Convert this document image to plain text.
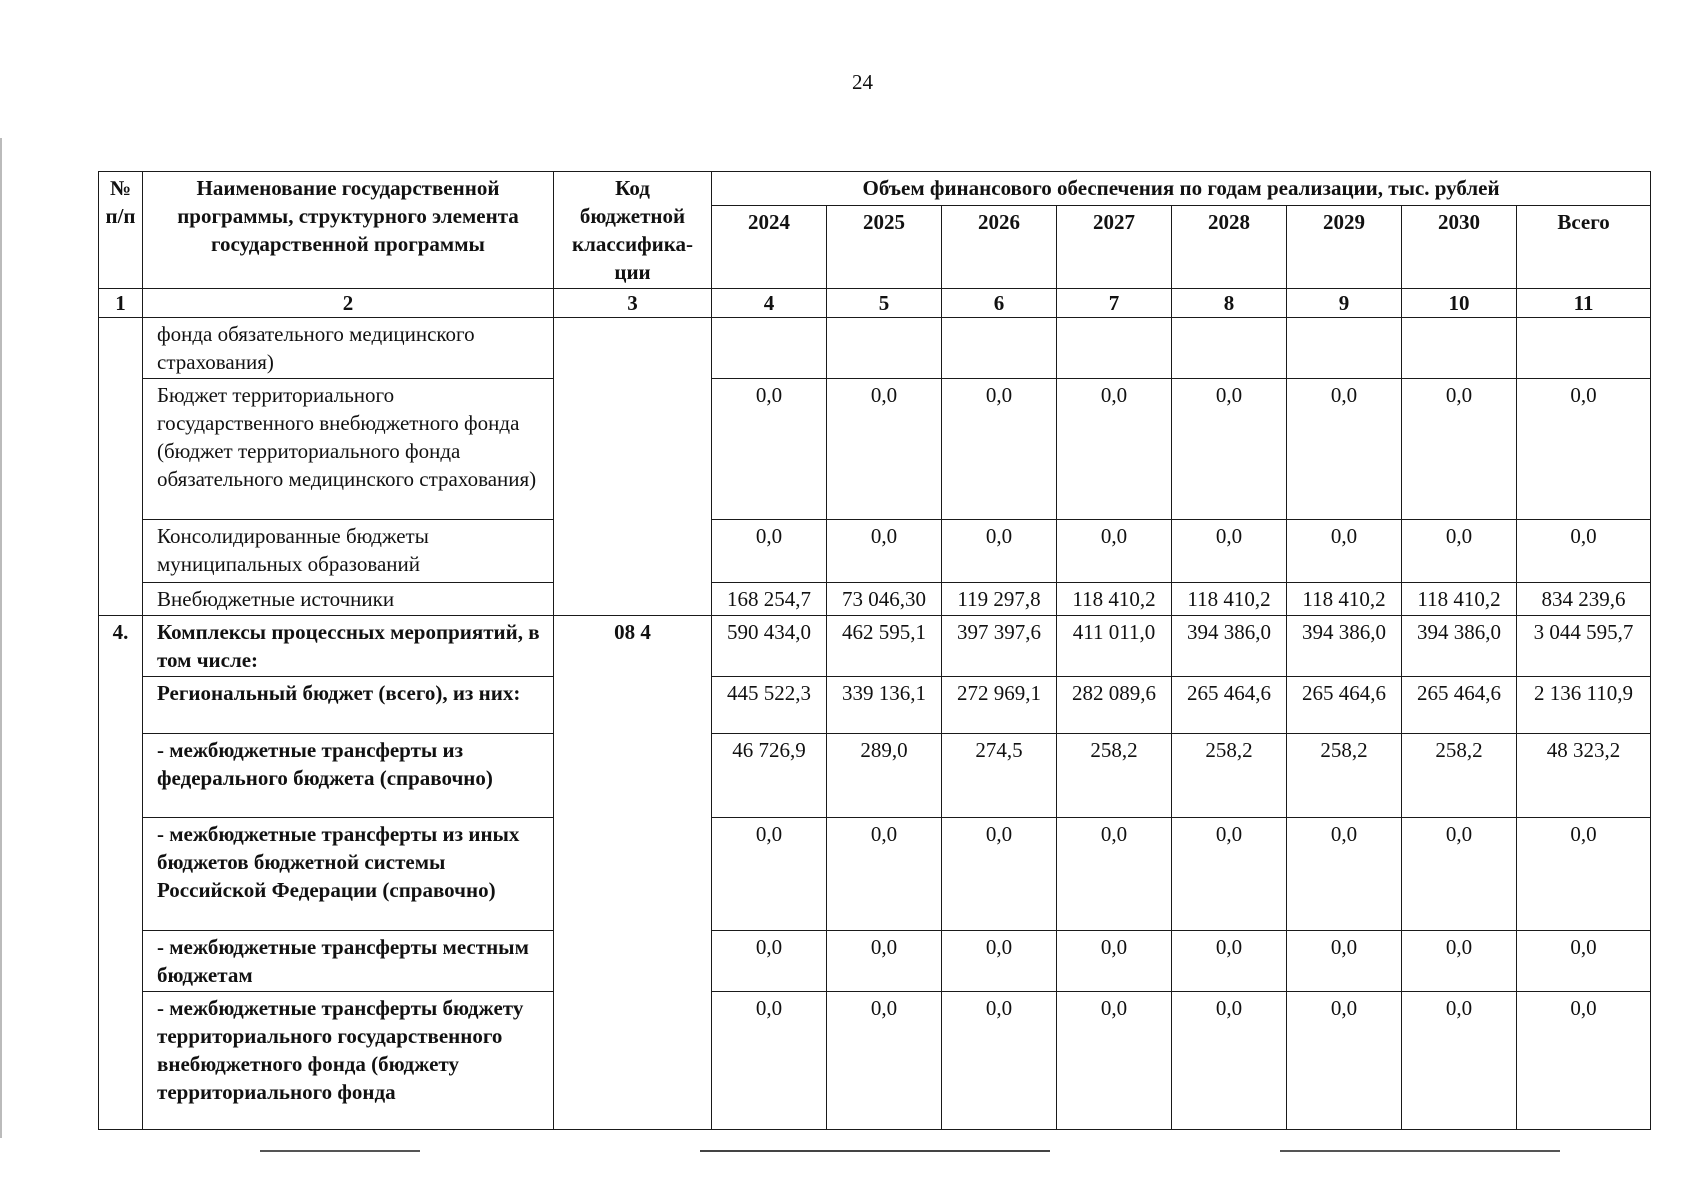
24
№ п/п	Наименование государственной программы, структурного элемента государственной программы	Код бюджетной классифика-ции	Объем финансового обеспечения по годам реализации, тыс. рублей							
			2024	2025	2026	2027	2028	2029	2030	Всего
1	2	3	4	5	6	7	8	9	10	11
	фонда обязательного медицинского страхования)									
	Бюджет территориального государственного внебюджетного фонда (бюджет территориального фонда обязательного медицинского страхования)		0,0	0,0	0,0	0,0	0,0	0,0	0,0	0,0
	Консолидированные бюджеты муниципальных образований		0,0	0,0	0,0	0,0	0,0	0,0	0,0	0,0
	Внебюджетные источники		168 254,7	73 046,30	119 297,8	118 410,2	118 410,2	118 410,2	118 410,2	834 239,6
4.	Комплексы процессных мероприятий, в том числе:	08 4	590 434,0	462 595,1	397 397,6	411 011,0	394 386,0	394 386,0	394 386,0	3 044 595,7
	Региональный бюджет (всего), из них:		445 522,3	339 136,1	272 969,1	282 089,6	265 464,6	265 464,6	265 464,6	2 136 110,9
	- межбюджетные трансферты из федерального бюджета (справочно)		46 726,9	289,0	274,5	258,2	258,2	258,2	258,2	48 323,2
	- межбюджетные трансферты из иных бюджетов бюджетной системы Российской Федерации (справочно)		0,0	0,0	0,0	0,0	0,0	0,0	0,0	0,0
	- межбюджетные трансферты местным бюджетам		0,0	0,0	0,0	0,0	0,0	0,0	0,0	0,0
	- межбюджетные трансферты бюджету территориального государственного внебюджетного фонда (бюджету территориального фонда		0,0	0,0	0,0	0,0	0,0	0,0	0,0	0,0
